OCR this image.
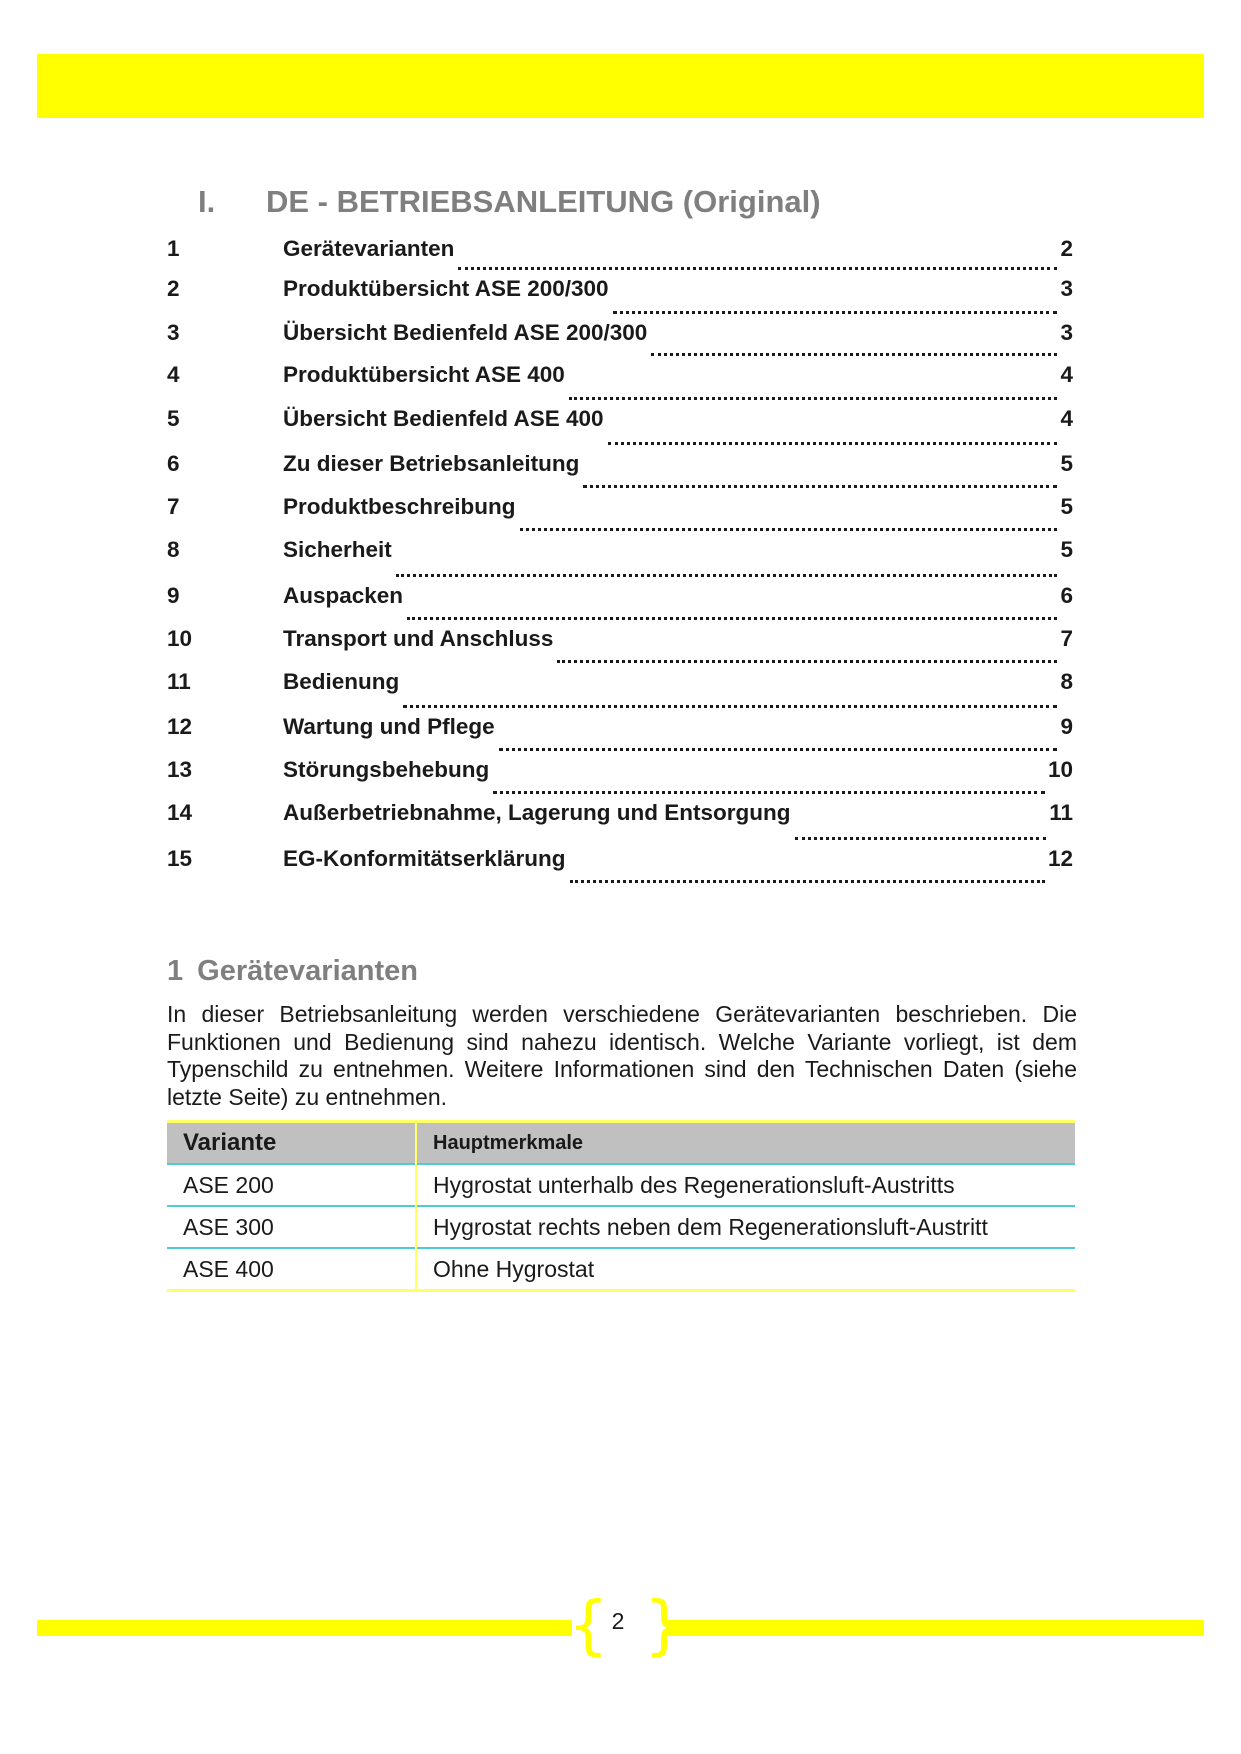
I.	DE - BETRIEBSANLEITUNG (Original)
1	Gerätevarianten	2
2	Produktübersicht ASE 200/300	3
3	Übersicht Bedienfeld ASE 200/300	3
4	Produktübersicht ASE 400	4
5	Übersicht Bedienfeld ASE 400	4
6	Zu dieser Betriebsanleitung	5
7	Produktbeschreibung	5
8	Sicherheit	5
9	Auspacken	6
10	Transport und Anschluss	7
11	Bedienung	8
12	Wartung und Pflege	9
13	Störungsbehebung	10
14	Außerbetriebnahme, Lagerung und Entsorgung	11
15	EG-Konformitätserklärung	12
1 Gerätevarianten

In dieser Betriebsanleitung werden verschiedene Gerätevarianten beschrieben. Die Funktionen und Bedienung sind nahezu identisch. Welche Variante vorliegt, ist dem Typenschild zu entnehmen. Weitere Informationen sind den Technischen Daten (siehe letzte Seite) zu entnehmen.

Variante	Hauptmerkmale
ASE 200	Hygrostat unterhalb des Regenerationsluft-Austritts
ASE 300	Hygrostat rechts neben dem Regenerationsluft-Austritt
ASE 400	Ohne Hygrostat
{ }
2
